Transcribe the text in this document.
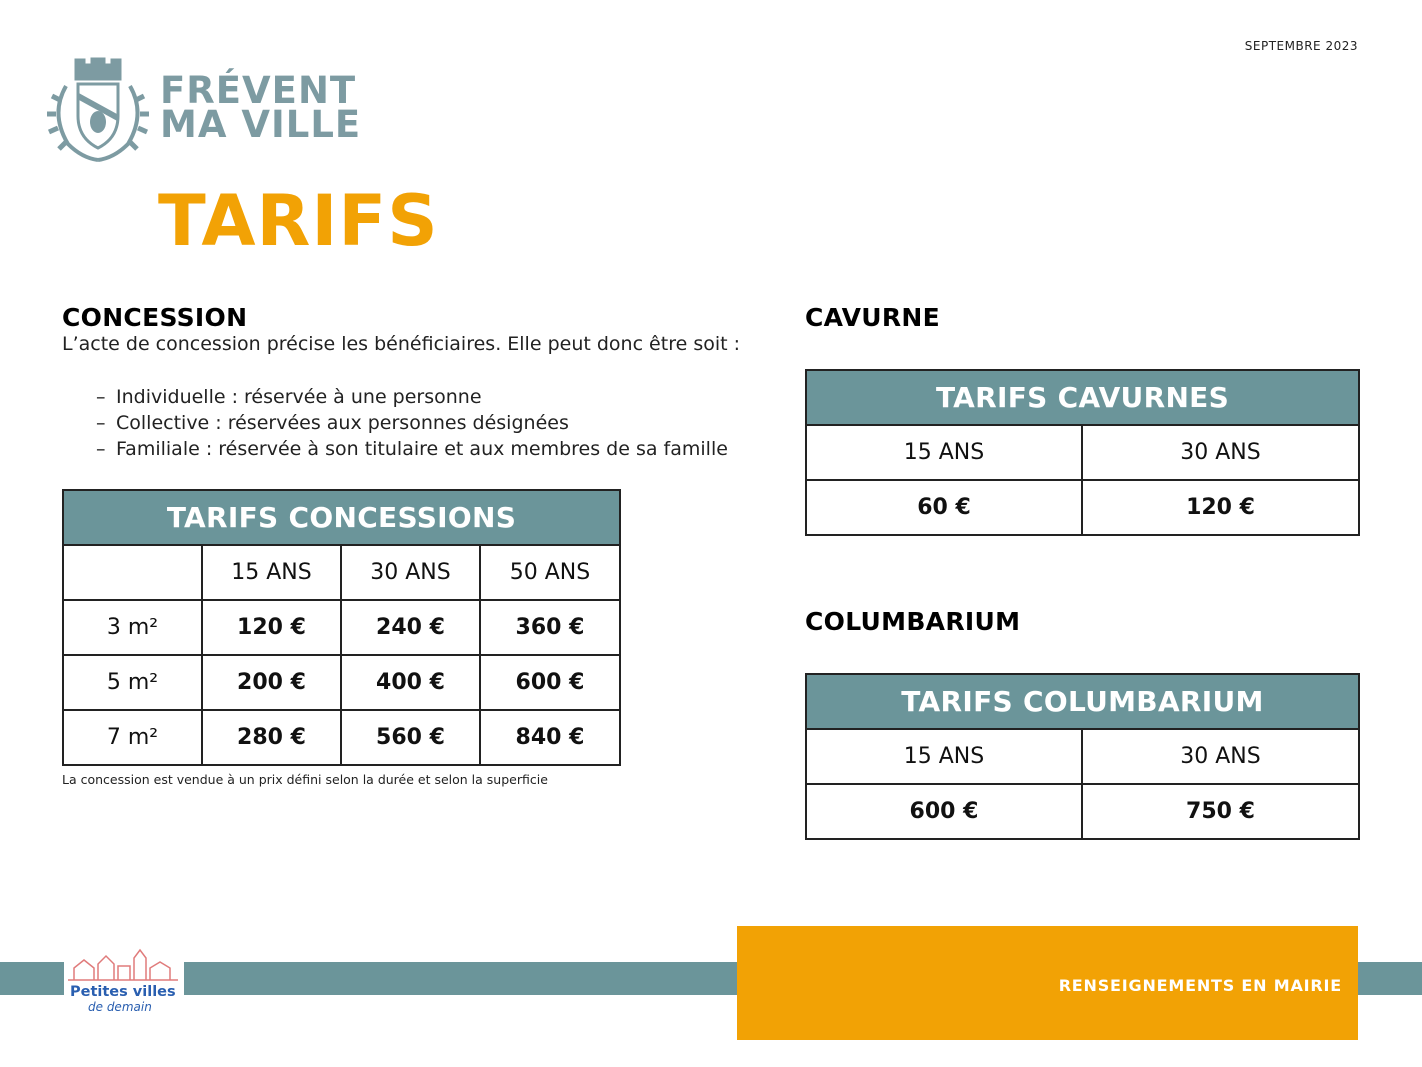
SEPTEMBRE 2023
FRÉVENT
MA VILLE
TARIFS
CONCESSION
L’acte de concession précise les bénéficiaires. Elle peut donc être soit :
– Individuelle : réservée à une personne
– Collective : réservées aux personnes désignées
– Familiale : réservée à son titulaire et aux membres de sa famille
TARIFS CONCESSIONS			
	15 ANS	30 ANS	50 ANS
3 m²	120 €	240 €	360 €
5 m²	200 €	400 €	600 €
7 m²	280 €	560 €	840 €
La concession est vendue à un prix défini selon la durée et selon la superficie
CAVURNE
TARIFS CAVURNES	
15 ANS	30 ANS
60 €	120 €
COLUMBARIUM
TARIFS COLUMBARIUM	
15 ANS	30 ANS
600 €	750 €
Petites villes
de demain
RENSEIGNEMENTS EN MAIRIE
